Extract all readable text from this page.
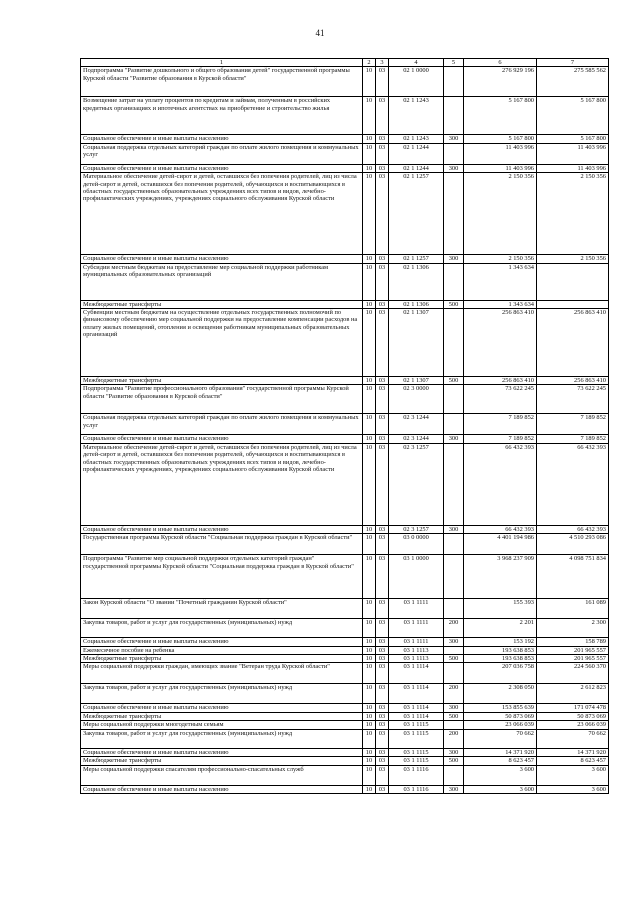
41
1	2	3	4	5	6	7
Подпрограмма "Развитие дошкольного и общего образования детей" государственной программы Курской области "Развитие образования в Курской области"	10	03	02 1 0000		276 929 196	275 585 562
Возмещение затрат на уплату процентов по кредитам и займам, полученным в российских кредитных организациях и ипотечных агентствах на приобретение и строительство жилья	10	03	02 1 1243		5 167 800	5 167 800
Социальное обеспечение и иные выплаты населению	10	03	02 1 1243	300	5 167 800	5 167 800
Социальная поддержка отдельных категорий граждан по оплате жилого помещения и коммунальных услуг	10	03	02 1 1244		11 403 996	11 403 996
Социальное обеспечение и иные выплаты населению	10	03	02 1 1244	300	11 403 996	11 403 996
Материальное обеспечение детей-сирот и детей, оставшихся без попечения родителей, лиц из числа детей-сирот и детей, оставшихся без попечения родителей, обучающихся и воспитывающихся в областных государственных образовательных учреждениях всех типов и видов, лечебно-профилактических учреждениях, учреждениях социального обслуживания Курской области	10	03	02 1 1257		2 150 356	2 150 356
Социальное обеспечение и иные выплаты населению	10	03	02 1 1257	300	2 150 356	2 150 356
Субсидии местным бюджетам на предоставление мер социальной поддержки работникам муниципальных образовательных организаций	10	03	02 1 1306		1 343 634	
Межбюджетные трансферты	10	03	02 1 1306	500	1 343 634	
Субвенции местным бюджетам на осуществление отдельных государственных полномочий по финансовому обеспечению мер социальной поддержки на предоставление компенсации расходов на оплату жилых помещений, отопления и освещения работникам муниципальных образовательных организаций	10	03	02 1 1307		256 863 410	256 863 410
Межбюджетные трансферты	10	03	02 1 1307	500	256 863 410	256 863 410
Подпрограмма "Развитие профессионального образования" государственной программы Курской области "Развитие образования в Курской области"	10	03	02 3 0000		73 622 245	73 622 245
Социальная поддержка отдельных категорий граждан по оплате жилого помещения и коммунальных услуг	10	03	02 3 1244		7 189 852	7 189 852
Социальное обеспечение и иные выплаты населению	10	03	02 3 1244	300	7 189 852	7 189 852
Материальное обеспечение детей-сирот и детей, оставшихся без попечения родителей, лиц из числа детей-сирот и детей, оставшихся без попечения родителей, обучающихся и воспитывающихся в областных государственных образовательных учреждениях всех типов и видов, лечебно-профилактических учреждениях, учреждениях социального обслуживания Курской области	10	03	02 3 1257		66 432 393	66 432 393
Социальное обеспечение и иные выплаты населению	10	03	02 3 1257	300	66 432 393	66 432 393
Государственная программа Курской области "Социальная поддержка граждан в Курской области"	10	03	03 0 0000		4 401 194 986	4 510 293 086
Подпрограмма "Развитие мер социальной поддержки отдельных категорий граждан" государственной программы Курской области "Социальная поддержка граждан в Курской области"	10	03	03 1 0000		3 968 237 909	4 098 751 834
Закон Курской области "О звании "Почетный гражданин Курской области"	10	03	03 1 1111		155 393	161 089
Закупка товаров, работ и услуг для государственных (муниципальных) нужд	10	03	03 1 1111	200	2 201	2 300
Социальное обеспечение и иные выплаты населению	10	03	03 1 1111	300	153 192	158 789
Ежемесячное пособие на ребенка	10	03	03 1 1113		193 638 853	201 965 557
Межбюджетные трансферты	10	03	03 1 1113	500	193 638 853	201 965 557
Меры социальной поддержки граждан, имеющих звание "Ветеран труда Курской области"	10	03	03 1 1114		207 036 758	224 560 370
Закупка товаров, работ и услуг для государственных (муниципальных) нужд	10	03	03 1 1114	200	2 308 050	2 612 823
Социальное обеспечение и иные выплаты населению	10	03	03 1 1114	300	153 855 639	171 074 478
Межбюджетные трансферты	10	03	03 1 1114	500	50 873 069	50 873 069
Меры социальной поддержки многодетным семьям	10	03	03 1 1115		23 066 039	23 066 039
Закупка товаров, работ и услуг для государственных (муниципальных) нужд	10	03	03 1 1115	200	70 662	70 662
Социальное обеспечение и иные выплаты населению	10	03	03 1 1115	300	14 371 920	14 371 920
Межбюджетные трансферты	10	03	03 1 1115	500	8 623 457	8 623 457
Меры социальной поддержки спасателям профессионально-спасательных служб	10	03	03 1 1116		3 600	3 600
Социальное обеспечение и иные выплаты населению	10	03	03 1 1116	300	3 600	3 600
